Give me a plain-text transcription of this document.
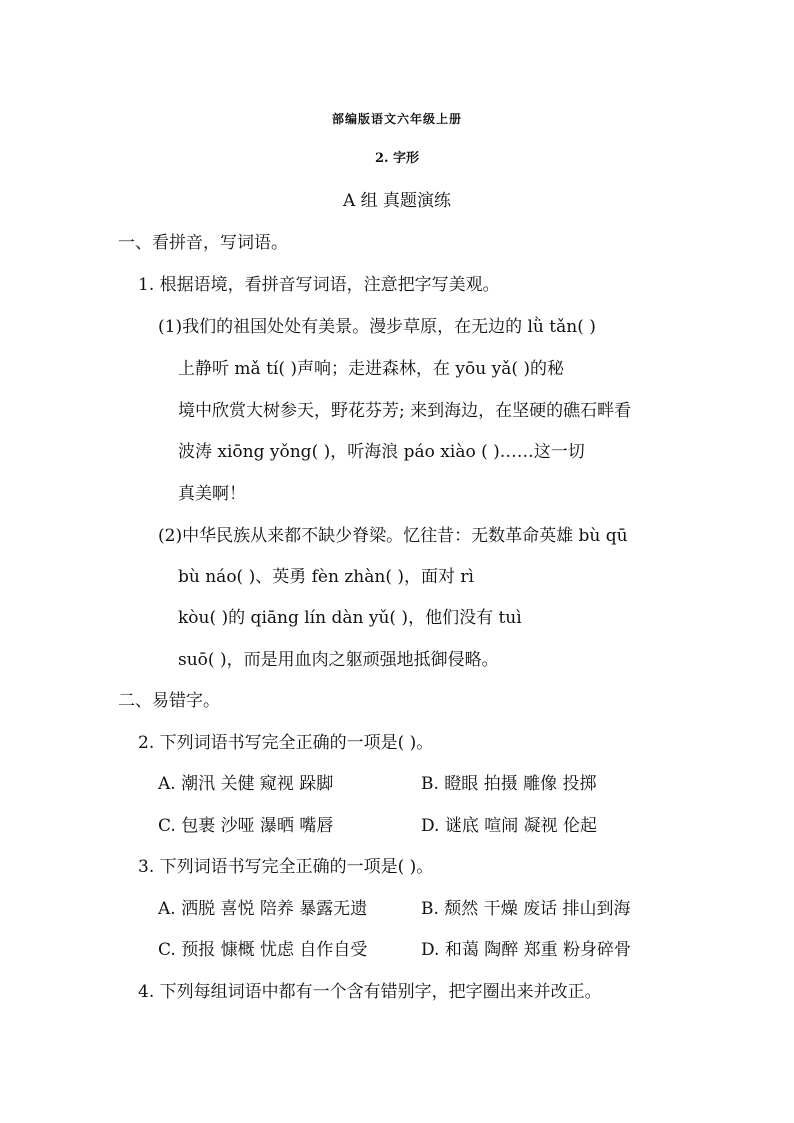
部编版语文六年级上册
2. 字形
A 组 真题演练
一、看拼音，写词语。
1. 根据语境，看拼音写词语，注意把字写美观。
(1)我们的祖国处处有美景。漫步草原，在无边的 lǜ tǎn( )
上静听 mǎ tí( )声响；走进森林，在 yōu yǎ( )的秘
境中欣赏大树参天，野花芬芳; 来到海边，在坚硬的礁石畔看
波涛 xiōng yǒng( )，听海浪 páo xiào ( )……这一切
真美啊！
(2)中华民族从来都不缺少脊梁。忆往昔：无数革命英雄 bù qū
bù náo( )、英勇 fèn zhàn( )，面对 rì
kòu( )的 qiāng lín dàn yǔ( )，他们没有 tuì
suō( )，而是用血肉之躯顽强地抵御侵略。
二、易错字。
2. 下列词语书写完全正确的一项是( )。
A. 潮汛 关健 窥视 跺脚	B. 瞪眼 拍摄 雕像 投掷
C. 包裹 沙哑 瀑晒 嘴唇	D. 谜底 喧闹 凝视 伦起
3. 下列词语书写完全正确的一项是( )。
A. 洒脱 喜悦 陪养 暴露无遗	B. 颓然 干燥 废话 排山到海
C. 预报 慷概 忧虑 自作自受	D. 和蔼 陶醉 郑重 粉身碎骨
4. 下列每组词语中都有一个含有错别字，把字圈出来并改正。
